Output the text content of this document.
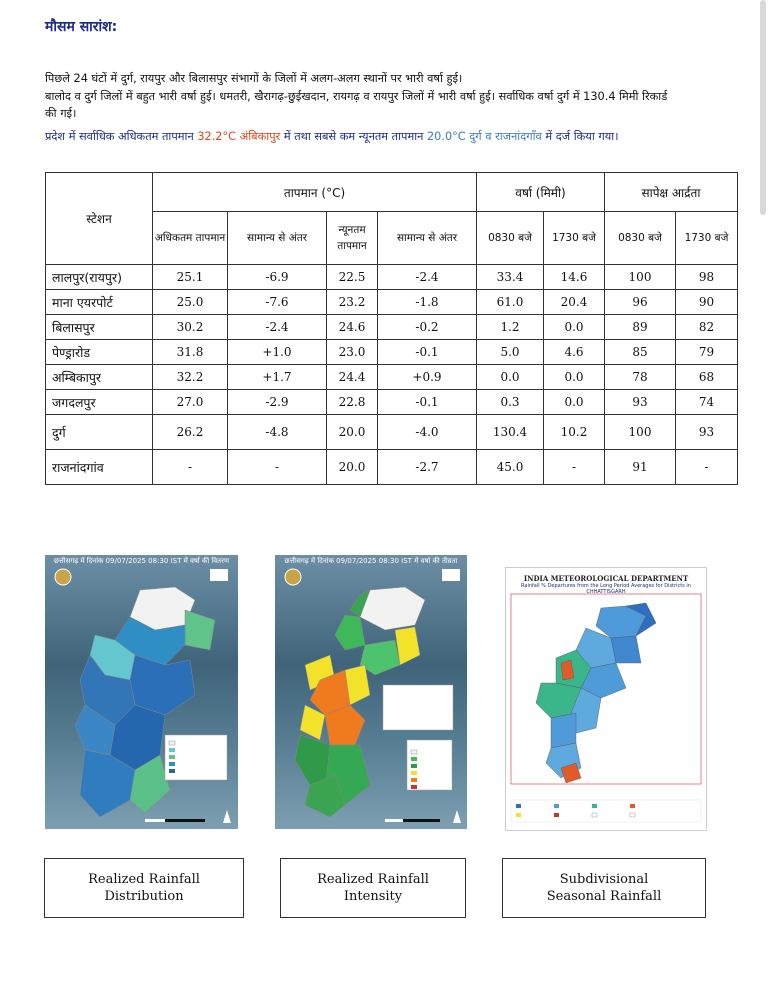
मौसम सारांश:
पिछले 24 घंटों में दुर्ग, रायपुर और बिलासपुर संभागों के जिलों में अलग-अलग स्थानों पर भारी वर्षा हुई।
बालोद व दुर्ग जिलों में बहुत भारी वर्षा हुई। धमतरी, खैरागढ़-छुईखदान, रायगढ़ व रायपुर जिलों में भारी वर्षा हुई। सर्वाधिक वर्षा दुर्ग में 130.4 मिमी रिकार्ड
की गई।
प्रदेश में सर्वाधिक अधिकतम तापमान 32.2°C अंबिकापुर में तथा सबसे कम न्यूनतम तापमान 20.0°C दुर्ग व राजनांदगाँव में दर्ज किया गया।
स्टेशन	तापमान (°C)				वर्षा (मिमी)		सापेक्ष आर्द्रता	
	अधिकतम तापमान	सामान्य से अंतर	न्यूनतम तापमान	सामान्य से अंतर	0830 बजे	1730 बजे	0830 बजे	1730 बजे
लालपुर(रायपुर)	25.1	-6.9	22.5	-2.4	33.4	14.6	100	98
माना एयरपोर्ट	25.0	-7.6	23.2	-1.8	61.0	20.4	96	90
बिलासपुर	30.2	-2.4	24.6	-0.2	1.2	0.0	89	82
पेण्ड्रारोड	31.8	+1.0	23.0	-0.1	5.0	4.6	85	79
अम्बिकापुर	32.2	+1.7	24.4	+0.9	0.0	0.0	78	68
जगदलपुर	27.0	-2.9	22.8	-0.1	0.3	0.0	93	74
दुर्ग	26.2	-4.8	20.0	-4.0	130.4	10.2	100	93
राजनांदगांव	-	-	20.0	-2.7	45.0	-	91	-
छत्तीसगढ़ में दिनांक 09/07/2025 08:30 IST में वर्षा की वितरण	छत्तीसगढ़ में दिनांक 09/07/2025 08:30 IST में वर्षा की तीव्रता
INDIA METEOROLOGICAL DEPARTMENT
Rainfall % Departures from the Long Period Averages for Districts in CHHATTISGARH
Realized Rainfall Distribution
Realized Rainfall Intensity
Subdivisional Seasonal Rainfall
